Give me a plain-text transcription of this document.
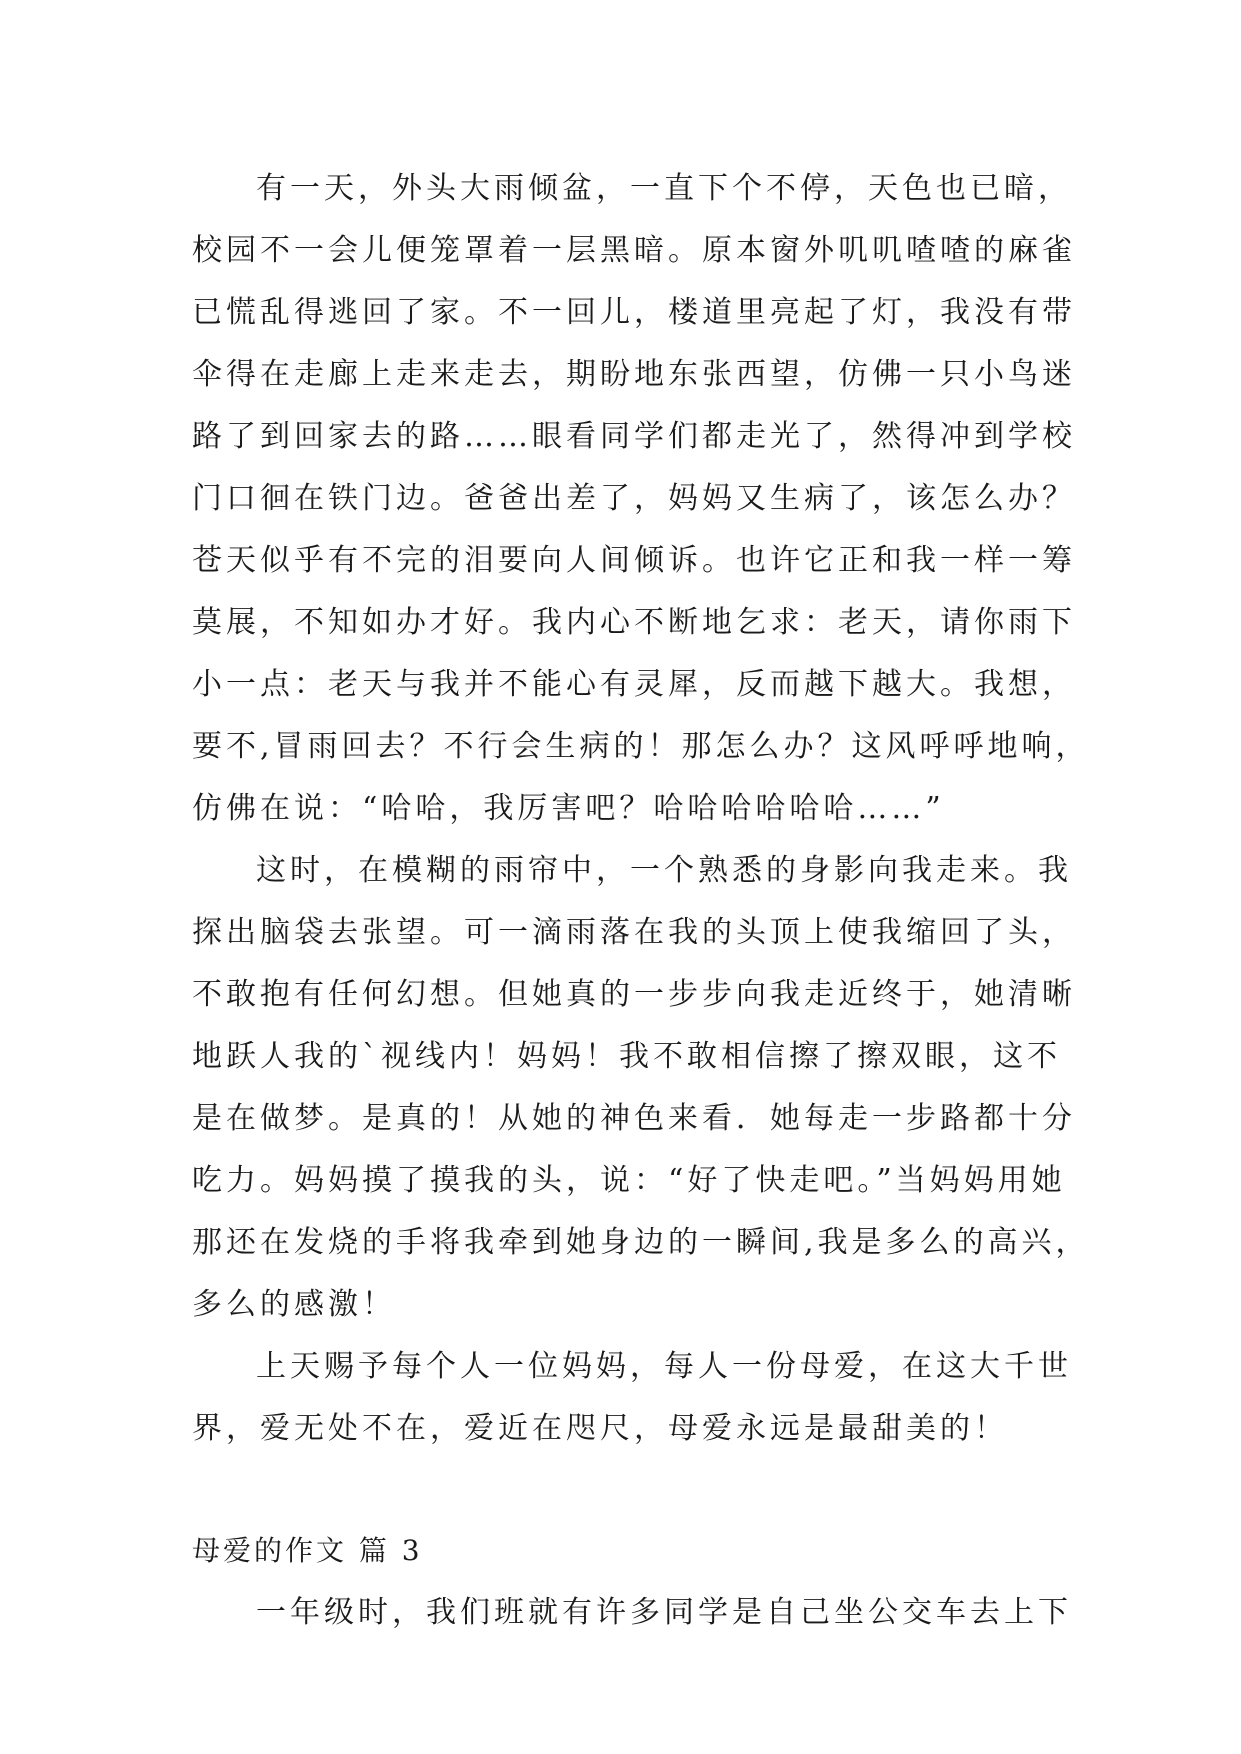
有一天，外头大雨倾盆，一直下个不停，天色也已暗，
校园不一会儿便笼罩着一层黑暗。原本窗外叽叽喳喳的麻雀
已慌乱得逃回了家。不一回儿，楼道里亮起了灯，我没有带
伞得在走廊上走来走去，期盼地东张西望，仿佛一只小鸟迷
路了到回家去的路……眼看同学们都走光了，然得冲到学校
门口徊在铁门边。爸爸出差了，妈妈又生病了，该怎么办？
苍天似乎有不完的泪要向人间倾诉。也许它正和我一样一筹
莫展，不知如办才好。我内心不断地乞求：老天，请你雨下
小一点：老天与我并不能心有灵犀，反而越下越大。我想，
要不,冒雨回去？不行会生病的！那怎么办？这风呼呼地响，
仿佛在说：“哈哈，我厉害吧？哈哈哈哈哈哈……”

这时，在模糊的雨帘中，一个熟悉的身影向我走来。我
探出脑袋去张望。可一滴雨落在我的头顶上使我缩回了头，
不敢抱有任何幻想。但她真的一步步向我走近终于，她清晰
地跃人我的`视线内！妈妈！我不敢相信擦了擦双眼，这不
是在做梦。是真的！从她的神色来看．她每走一步路都十分
吃力。妈妈摸了摸我的头，说：“好了快走吧。”当妈妈用她
那还在发烧的手将我牵到她身边的一瞬间,我是多么的高兴，
多么的感激！

上天赐予每个人一位妈妈，每人一份母爱，在这大千世
界，爱无处不在，爱近在咫尺，母爱永远是最甜美的！

母爱的作文 篇 3

一年级时，我们班就有许多同学是自己坐公交车去上下
